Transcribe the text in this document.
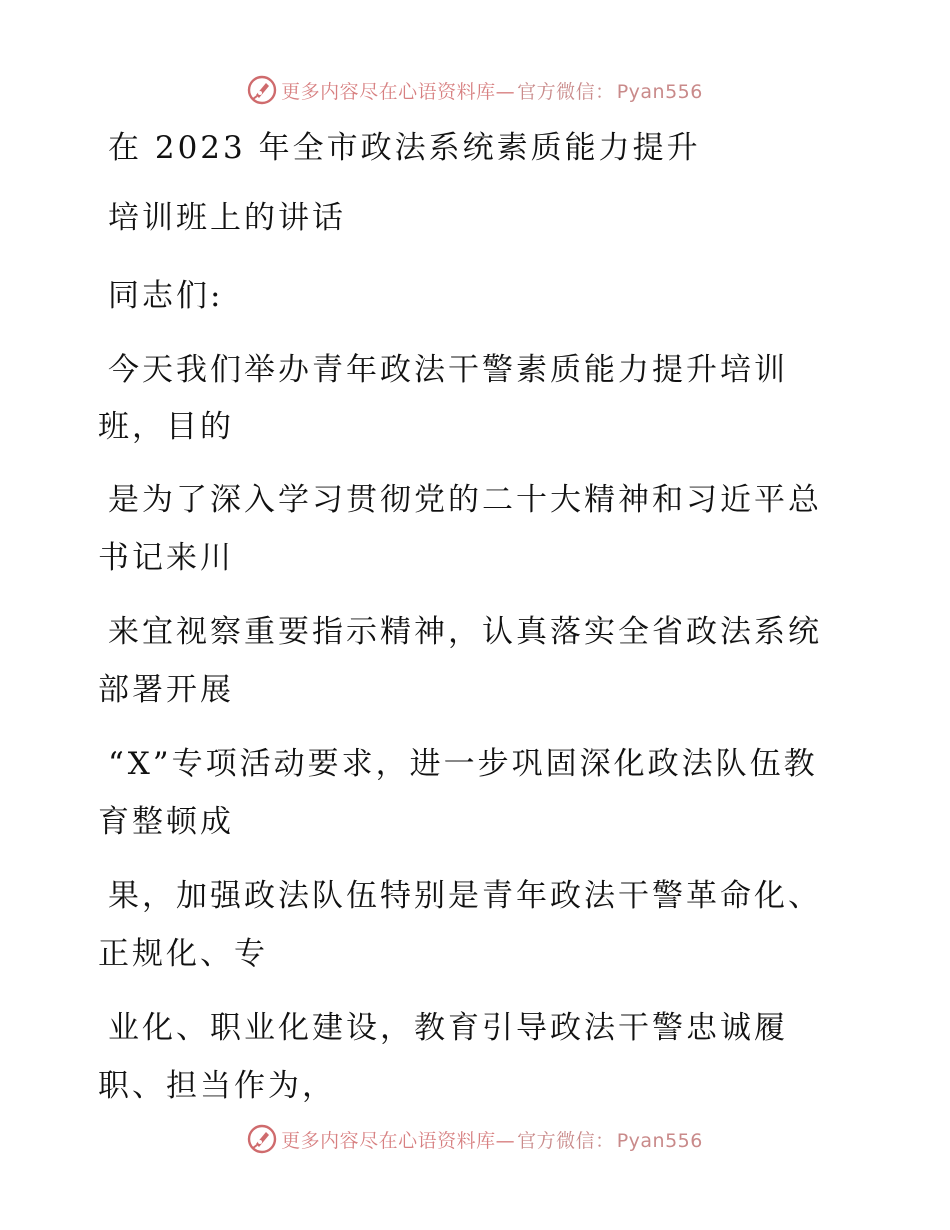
更多内容尽在心语资料库— 官方微信： Pyan556
在 2023 年全市政法系统素质能力提升
培训班上的讲话
同志们:
今天我们举办青年政法干警素质能力提升培训
班，目的
是为了深入学习贯彻党的二十大精神和习近平总
书记来川
来宜视察重要指示精神，认真落实全省政法系统
部署开展
“X”专项活动要求，进一步巩固深化政法队伍教
育整顿成
果，加强政法队伍特别是青年政法干警革命化、
正规化、专
业化、职业化建设，教育引导政法干警忠诚履
职、担当作为，
更多内容尽在心语资料库— 官方微信： Pyan556
